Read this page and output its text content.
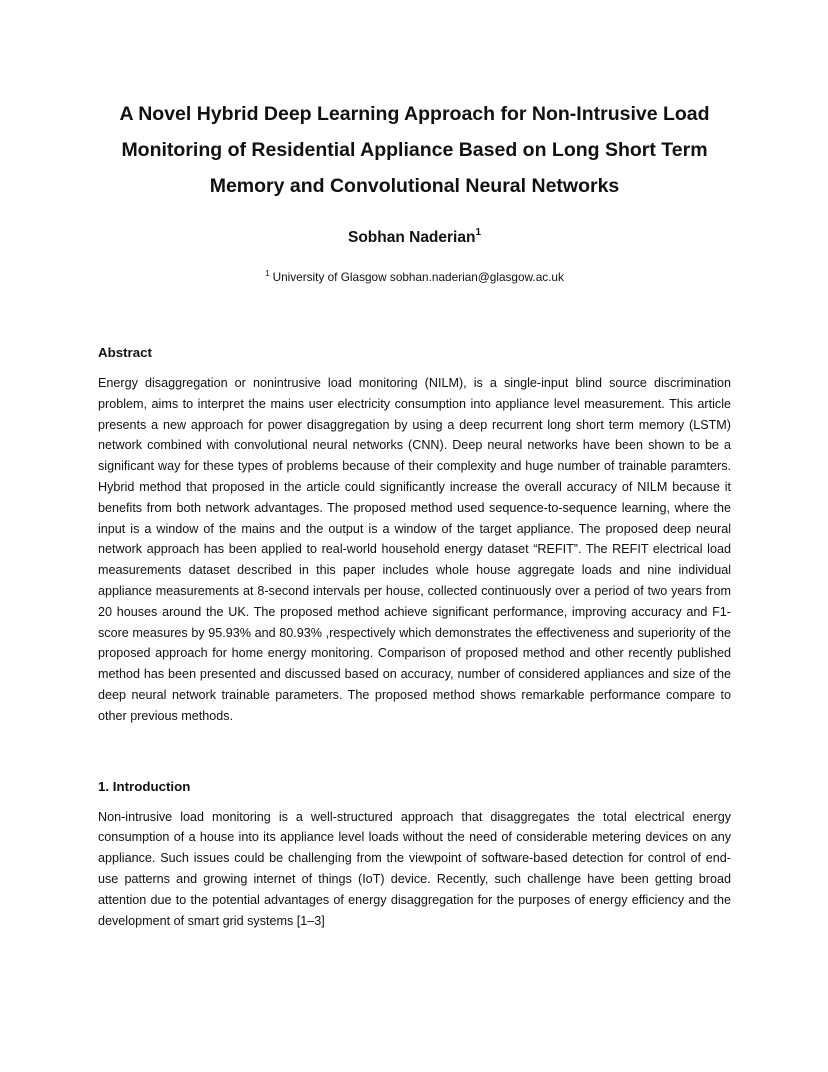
A Novel Hybrid Deep Learning Approach for Non-Intrusive Load Monitoring of Residential Appliance Based on Long Short Term Memory and Convolutional Neural Networks
Sobhan Naderian$^1$
$^1$ University of Glasgow sobhan.naderian@glasgow.ac.uk
Abstract
Energy disaggregation or nonintrusive load monitoring (NILM), is a single-input blind source discrimination problem, aims to interpret the mains user electricity consumption into appliance level measurement. This article presents a new approach for power disaggregation by using a deep recurrent long short term memory (LSTM) network combined with convolutional neural networks (CNN). Deep neural networks have been shown to be a significant way for these types of problems because of their complexity and huge number of trainable paramters. Hybrid method that proposed in the article could significantly increase the overall accuracy of NILM because it benefits from both network advantages. The proposed method used sequence-to-sequence learning, where the input is a window of the mains and the output is a window of the target appliance. The proposed deep neural network approach has been applied to real-world household energy dataset “REFIT”. The REFIT electrical load measurements dataset described in this paper includes whole house aggregate loads and nine individual appliance measurements at 8-second intervals per house, collected continuously over a period of two years from 20 houses around the UK. The proposed method achieve significant performance, improving accuracy and F1-score measures by 95.93% and 80.93% ,respectively which demonstrates the effectiveness and superiority of the proposed approach for home energy monitoring. Comparison of proposed method and other recently published method has been presented and discussed based on accuracy, number of considered appliances and size of the deep neural network trainable parameters. The proposed method shows remarkable performance compare to other previous methods.
1. Introduction
Non-intrusive load monitoring is a well-structured approach that disaggregates the total electrical energy consumption of a house into its appliance level loads without the need of considerable metering devices on any appliance. Such issues could be challenging from the viewpoint of software-based detection for control of end-use patterns and growing internet of things (IoT) device. Recently, such challenge have been getting broad attention due to the potential advantages of energy disaggregation for the purposes of energy efficiency and the development of smart grid systems [1–3]
